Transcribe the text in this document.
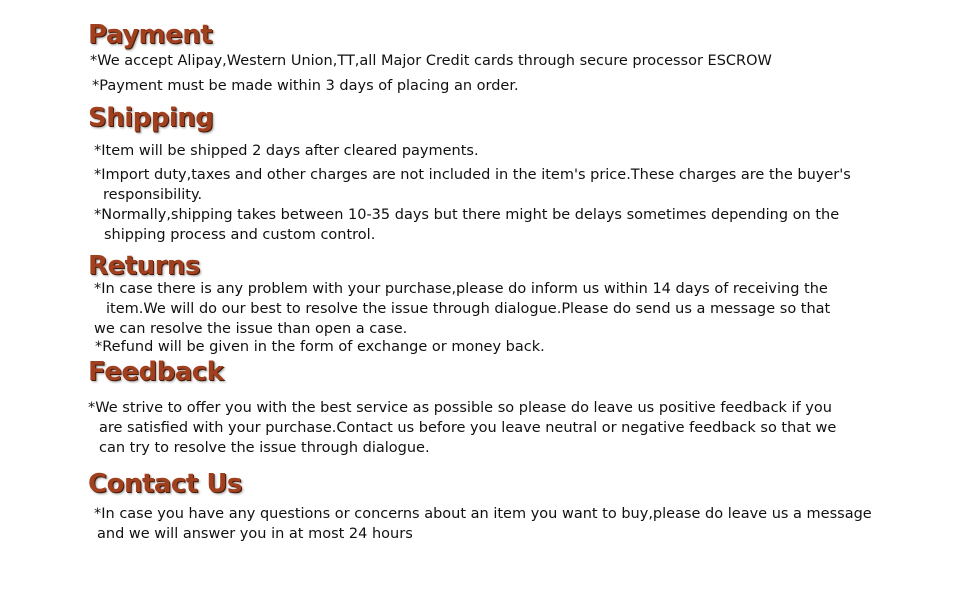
Payment

*We accept Alipay,Western Union,TT,all Major Credit cards through secure processor ESCROW

*Payment must be made within 3 days of placing an order.

Shipping

*Item will be shipped 2 days after cleared payments.

*Import duty,taxes and other charges are not included in the item's price.These charges are the buyer's
responsibility.
*Normally,shipping takes between 10-35 days but there might be delays sometimes depending on the
shipping process and custom control.
Returns
*In case there is any problem with your purchase,please do inform us within 14 days of receiving the
item.We will do our best to resolve the issue through dialogue.Please do send us a message so that
we can resolve the issue than open a case.

*Refund will be given in the form of exchange or money back.

Feedback
*We strive to offer you with the best service as possible so please do leave us positive feedback if you
are satisfied with your purchase.Contact us before you leave neutral or negative feedback so that we
can try to resolve the issue through dialogue.
Contact Us
*In case you have any questions or concerns about an item you want to buy,please do leave us a message
and we will answer you in at most 24 hours
